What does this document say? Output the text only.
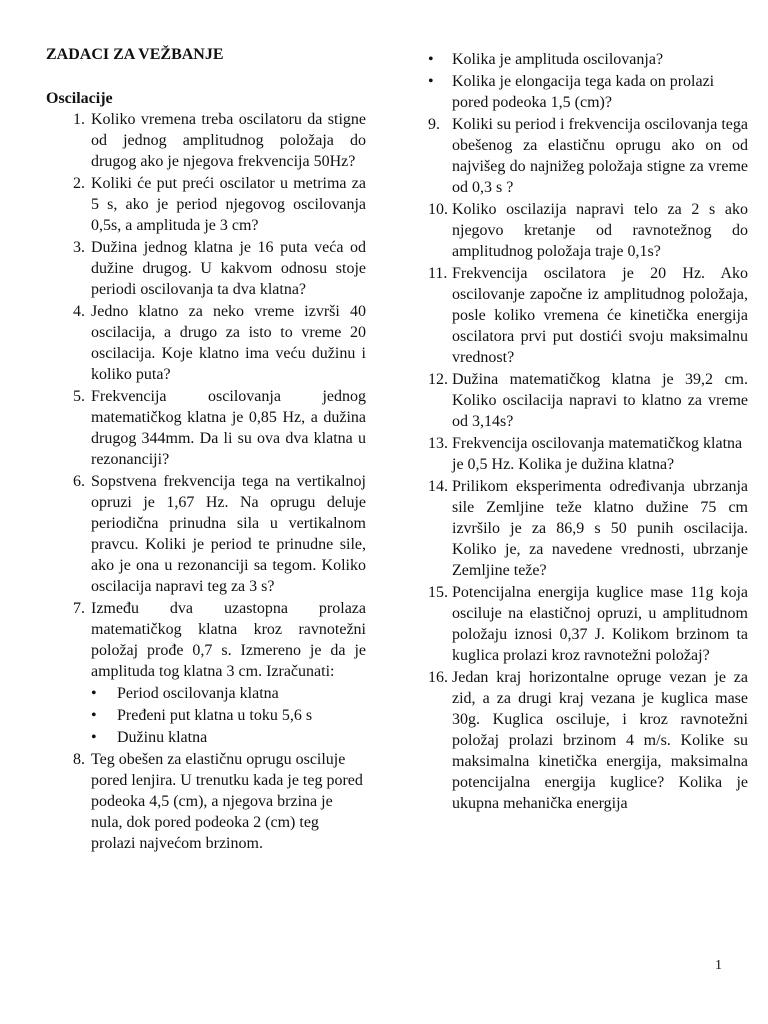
ZADACI ZA VEŽBANJE

Oscilacije

1. Koliko vremena treba oscilatoru da stigne od jednog amplitudnog položaja do drugog ako je njegova frekvencija 50Hz?
2. Koliki će put preći oscilator u metrima za 5 s, ako je period njegovog oscilovanja 0,5s, a amplituda je 3 cm?
3. Dužina jednog klatna je 16 puta veća od dužine drugog. U kakvom odnosu stoje periodi oscilovanja ta dva klatna?
4. Jedno klatno za neko vreme izvrši 40 oscilacija, a drugo za isto to vreme 20 oscilacija. Koje klatno ima veću dužinu i koliko puta?
5. Frekvencija oscilovanja jednog matematičkog klatna je 0,85 Hz, a dužina drugog 344mm. Da li su ova dva klatna u rezonanciji?
6. Sopstvena frekvencija tega na vertikalnoj opruzi je 1,67 Hz. Na oprugu deluje periodična prinudna sila u vertikalnom pravcu. Koliki je period te prinudne sile, ako je ona u rezonanciji sa tegom. Koliko oscilacija napravi teg za 3 s?
7. Između dva uzastopna prolaza matematičkog klatna kroz ravnotežni položaj prođe 0,7 s. Izmereno je da je amplituda tog klatna 3 cm. Izračunati:
•	Period oscilovanja klatna
•	Pređeni put klatna u toku 5,6 s
•	Dužinu klatna
8. Teg obešen za elastičnu oprugu osciluje pored lenjira. U trenutku kada je teg pored podeoka 4,5 (cm), a njegova brzina je nula, dok pored podeoka 2 (cm) teg prolazi najvećom brzinom.
•	Kolika je amplituda oscilovanja?
•	Kolika je elongacija tega kada on prolazi pored podeoka 1,5 (cm)?
9. Koliki su period i frekvencija oscilovanja tega obešenog za elastičnu oprugu ako on od najvišeg do najnižeg položaja stigne za vreme od 0,3 s ?
10. Koliko oscilazija napravi telo za 2 s ako njegovo kretanje od ravnotežnog do amplitudnog položaja traje 0,1s?
11. Frekvencija oscilatora je 20 Hz. Ako oscilovanje započne iz amplitudnog položaja, posle koliko vremena će kinetička energija oscilatora prvi put dostići svoju maksimalnu vrednost?
12. Dužina matematičkog klatna je 39,2 cm. Koliko oscilacija napravi to klatno za vreme od 3,14s?
13. Frekvencija oscilovanja matematičkog klatna je 0,5 Hz. Kolika je dužina klatna?
14. Prilikom eksperimenta određivanja ubrzanja sile Zemljine teže klatno dužine 75 cm izvršilo je za 86,9 s 50 punih oscilacija. Koliko je, za navedene vrednosti, ubrzanje Zemljine teže?
15. Potencijalna energija kuglice mase 11g koja osciluje na elastičnoj opruzi, u amplitudnom položaju iznosi 0,37 J. Kolikom brzinom ta kuglica prolazi kroz ravnotežni položaj?
16. Jedan kraj horizontalne opruge vezan je za zid, a za drugi kraj vezana je kuglica mase 30g. Kuglica osciluje, i kroz ravnotežni položaj prolazi brzinom 4 m/s. Kolike su maksimalna kinetička energija, maksimalna potencijalna energija kuglice? Kolika je ukupna mehanička energija
1
